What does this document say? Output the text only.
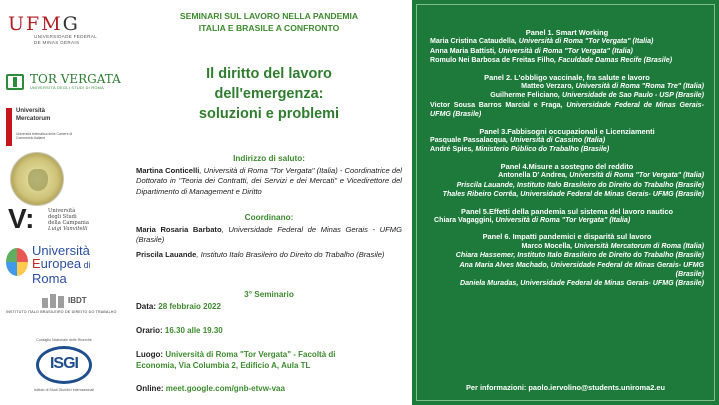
UFMG
UNIVERSIDADE FEDERAL
DE MINAS GERAIS
TOR VERGATA
UNIVERSITÀ DEGLI STUDI DI ROMA
Università
Mercatorum
Università telematica delle Camere di Commercio Italiane
V:	Università
degli Studi
della Campania
Luigi Vanvitelli
Università
Europea di
Roma
IBDT
INSTITUTO ITALO BRASILEIRO DE DIREITO DO TRABALHO
Consiglio Nazionale delle Ricerche
ISGI
Istituto di Studi Giuridici Internazionali
SEMINARI SUL LAVORO NELLA PANDEMIA
ITALIA E BRASILE A CONFRONTO
Il diritto del lavoro
dell'emergenza:
soluzioni e problemi
Indirizzo di saluto:
Martina Conticelli, Università di Roma "Tor Vergata" (Italia) - Coordinatrice del Dottorato in "Teoria dei Contratti, dei Servizi e dei Mercati" e Vicedirettore del Dipartimento di Management e Diritto
Coordinano:
Maria Rosaria Barbato, Universidade Federal de Minas Gerais - UFMG (Brasile)
Priscila Lauande, Instituto Italo Brasileiro do Direito do Trabalho (Brasile)
3° Seminario
Data: 28 febbraio 2022
Orario: 16.30 alle 19.30
Luogo: Università di Roma "Tor Vergata" - Facoltà di
Economia, Via Columbia 2, Edificio A, Aula TL
Online: meet.google.com/gnb-etvw-vaa
Panel 1. Smart Working
Maria Cristina Cataudella, Università di Roma "Tor Vergata" (Italia)
Anna Maria Battisti, Università di Roma "Tor Vergata" (Italia)
Romulo Nei Barbosa de Freitas Filho, Faculdade Damas Recife (Brasile)
Panel 2. L'obbligo vaccinale, fra salute e lavoro
Matteo Verzaro, Università di Roma "Roma Tre" (Italia)
Guilherme Feliciano, Universidade de Sao Paulo - USP (Brasile)
Victor Sousa Barros Marcial e Fraga, Universidade Federal de Minas Gerais- UFMG (Brasile)
Panel 3.Fabbisogni occupazionali e Licenziamenti
Pasquale Passalacqua, Università di Cassino (Italia)
André Spies, Ministerio Público do Trabalho (Brasile)
Panel 4.Misure a sostegno del reddito
Antonella D' Andrea, Università di Roma "Tor Vergata" (Italia)
Priscila Lauande, Instituto Italo Brasileiro do Direito do Trabalho (Brasile)
Thales Ribeiro Corrêa, Universidade Federal de Minas Gerais- UFMG (Brasile)
Panel 5.Effetti della pandemia sul sistema del lavoro nautico
Chiara Vagaggini, Università di Roma "Tor Vergata" (Italia)
Panel 6. Impatti pandemici e disparità sul lavoro
Marco Mocella, Università Mercatorum di Roma (Italia)
Chiara Hassemer, Instituto Italo Brasileiro de Direito do Trabalho (Brasile)
Ana Maria Alves Machado, Universidade Federal de Minas Gerais- UFMG (Brasile)
Daniela Muradas, Universidade Federal de Minas Gerais- UFMG (Brasile)
Per informazioni: paolo.iervolino@students.uniroma2.eu
